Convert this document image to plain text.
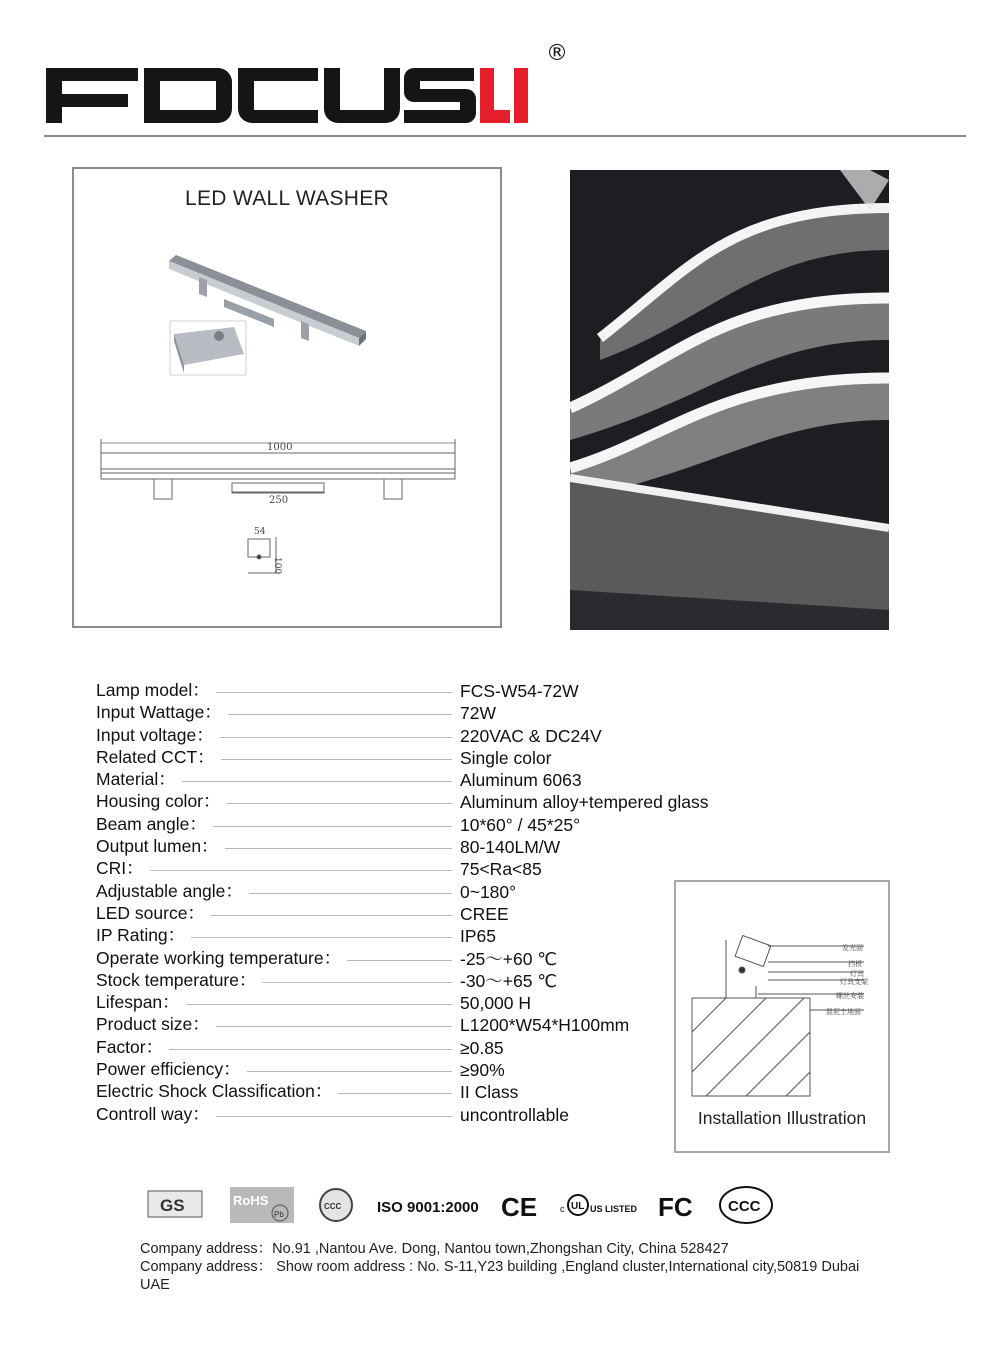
®
LED WALL WASHER
1000
250
54
100
Lamp model：	FCS-W54-72W
Input Wattage：	72W
Input voltage：	220VAC & DC24V
Related CCT：	Single color
Material：	Aluminum 6063
Housing color：	Aluminum alloy+tempered glass
Beam angle：	10*60° / 45*25°
Output lumen：	80-140LM/W
CRI：	75<Ra<85
Adjustable angle：	0~180°
LED source：	CREE
IP Rating：	IP65
Operate working temperature：	-25～+60 ℃
Stock temperature：	-30～+65 ℃
Lifespan：	50,000 H
Product size：	L1200*W54*H100mm
Factor：	≥0.85
Power efficiency：	≥90%
Electric Shock Classification：	II Class
Controll way：	uncontrollable
发光面
挡板
灯具
灯具支架
螺丝安装
混泥土地面
Installation Illustration
GS	RoHS
Pb
CCC ISO 9001:2000 CE	c UL US LISTED FC CCC
Company address：No.91 ,Nantou Ave. Dong, Nantou town,Zhongshan City, China 528427
Company address： Show room address : No. S-11,Y23 building ,England cluster,International city,50819 Dubai
UAE
